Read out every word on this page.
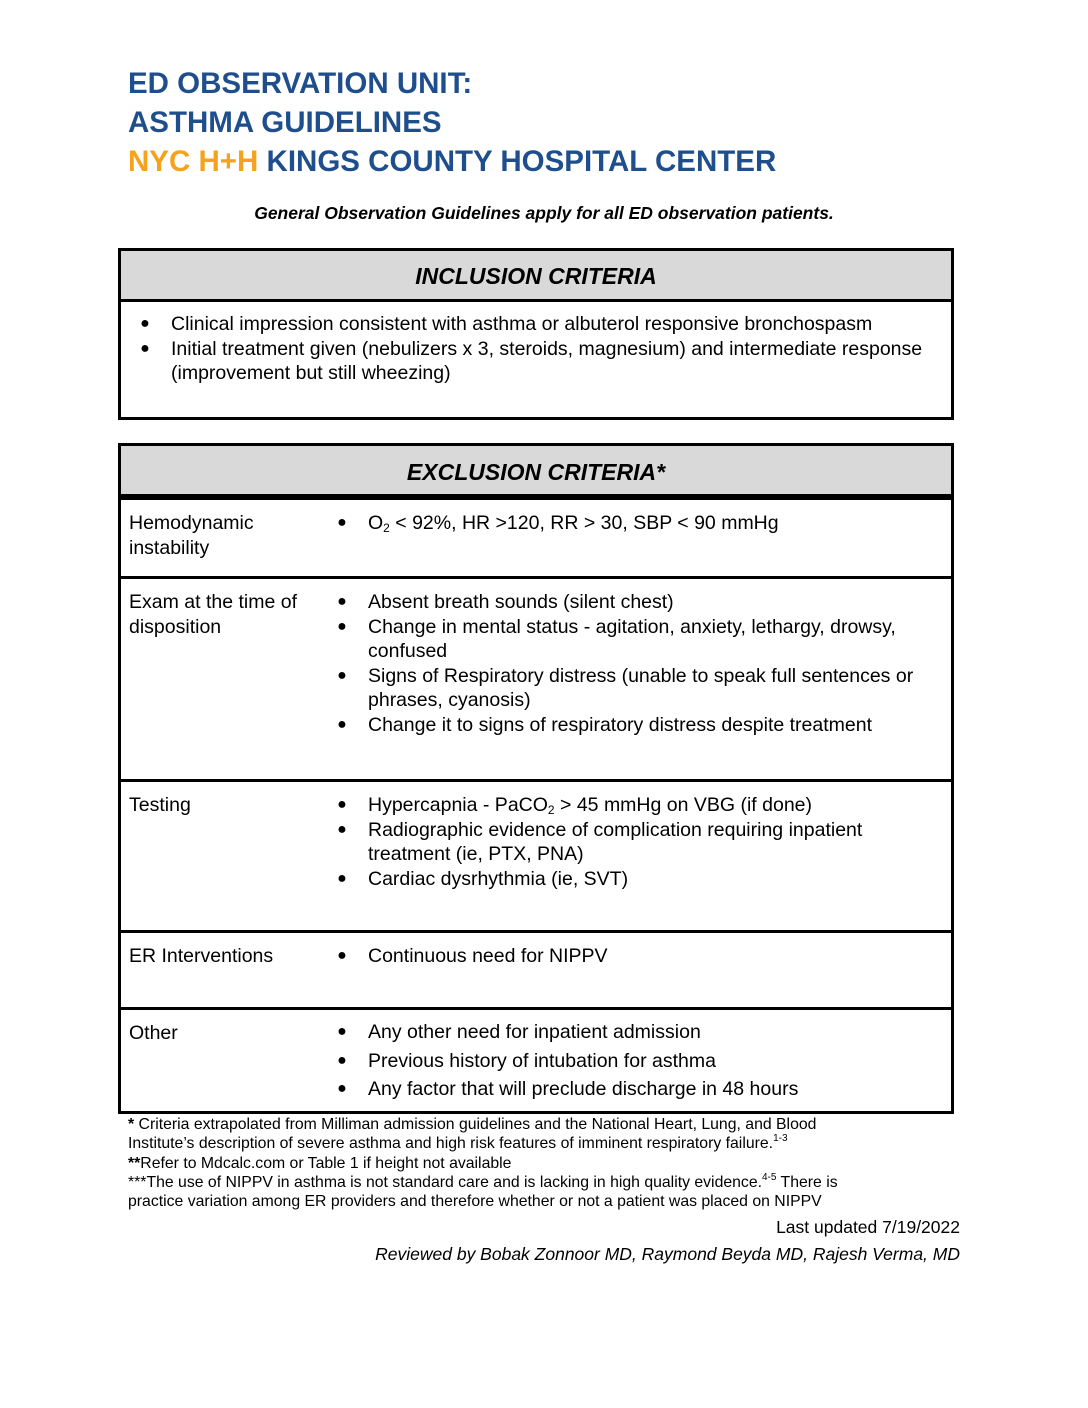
ED OBSERVATION UNIT:
ASTHMA GUIDELINES
NYC H+H KINGS COUNTY HOSPITAL CENTER
General Observation Guidelines apply for all ED observation patients.
INCLUSION CRITERIA
● Clinical impression consistent with asthma or albuterol responsive bronchospasm
● Initial treatment given (nebulizers x 3, steroids, magnesium) and intermediate response (improvement but still wheezing)
EXCLUSION CRITERIA*
Hemodynamic instability
● $O_2 < 92\%$, HR >120, RR > 30, SBP < 90 mmHg
Exam at the time of disposition
● Absent breath sounds (silent chest)
● Change in mental status - agitation, anxiety, lethargy, drowsy, confused
● Signs of Respiratory distress (unable to speak full sentences or phrases, cyanosis)
● Change it to signs of respiratory distress despite treatment
Testing	● Hypercapnia - PaCO$_2$ > 45 mmHg on VBG (if done)
● Radiographic evidence of complication requiring inpatient treatment (ie, PTX, PNA)
● Cardiac dysrhythmia (ie, SVT)
ER Interventions	● Continuous need for NIPPV
Other	● Any other need for inpatient admission
● Previous history of intubation for asthma
● Any factor that will preclude discharge in 48 hours
* Criteria extrapolated from Milliman admission guidelines and the National Heart, Lung, and Blood
Institute’s description of severe asthma and high risk features of imminent respiratory failure.$^{1-3}$
**Refer to Mdcalc.com or Table 1 if height not available
***The use of NIPPV in asthma is not standard care and is lacking in high quality evidence.$^{4-5}$ There is
practice variation among ER providers and therefore whether or not a patient was placed on NIPPV
Last updated 7/19/2022
Reviewed by Bobak Zonnoor MD, Raymond Beyda MD, Rajesh Verma, MD
